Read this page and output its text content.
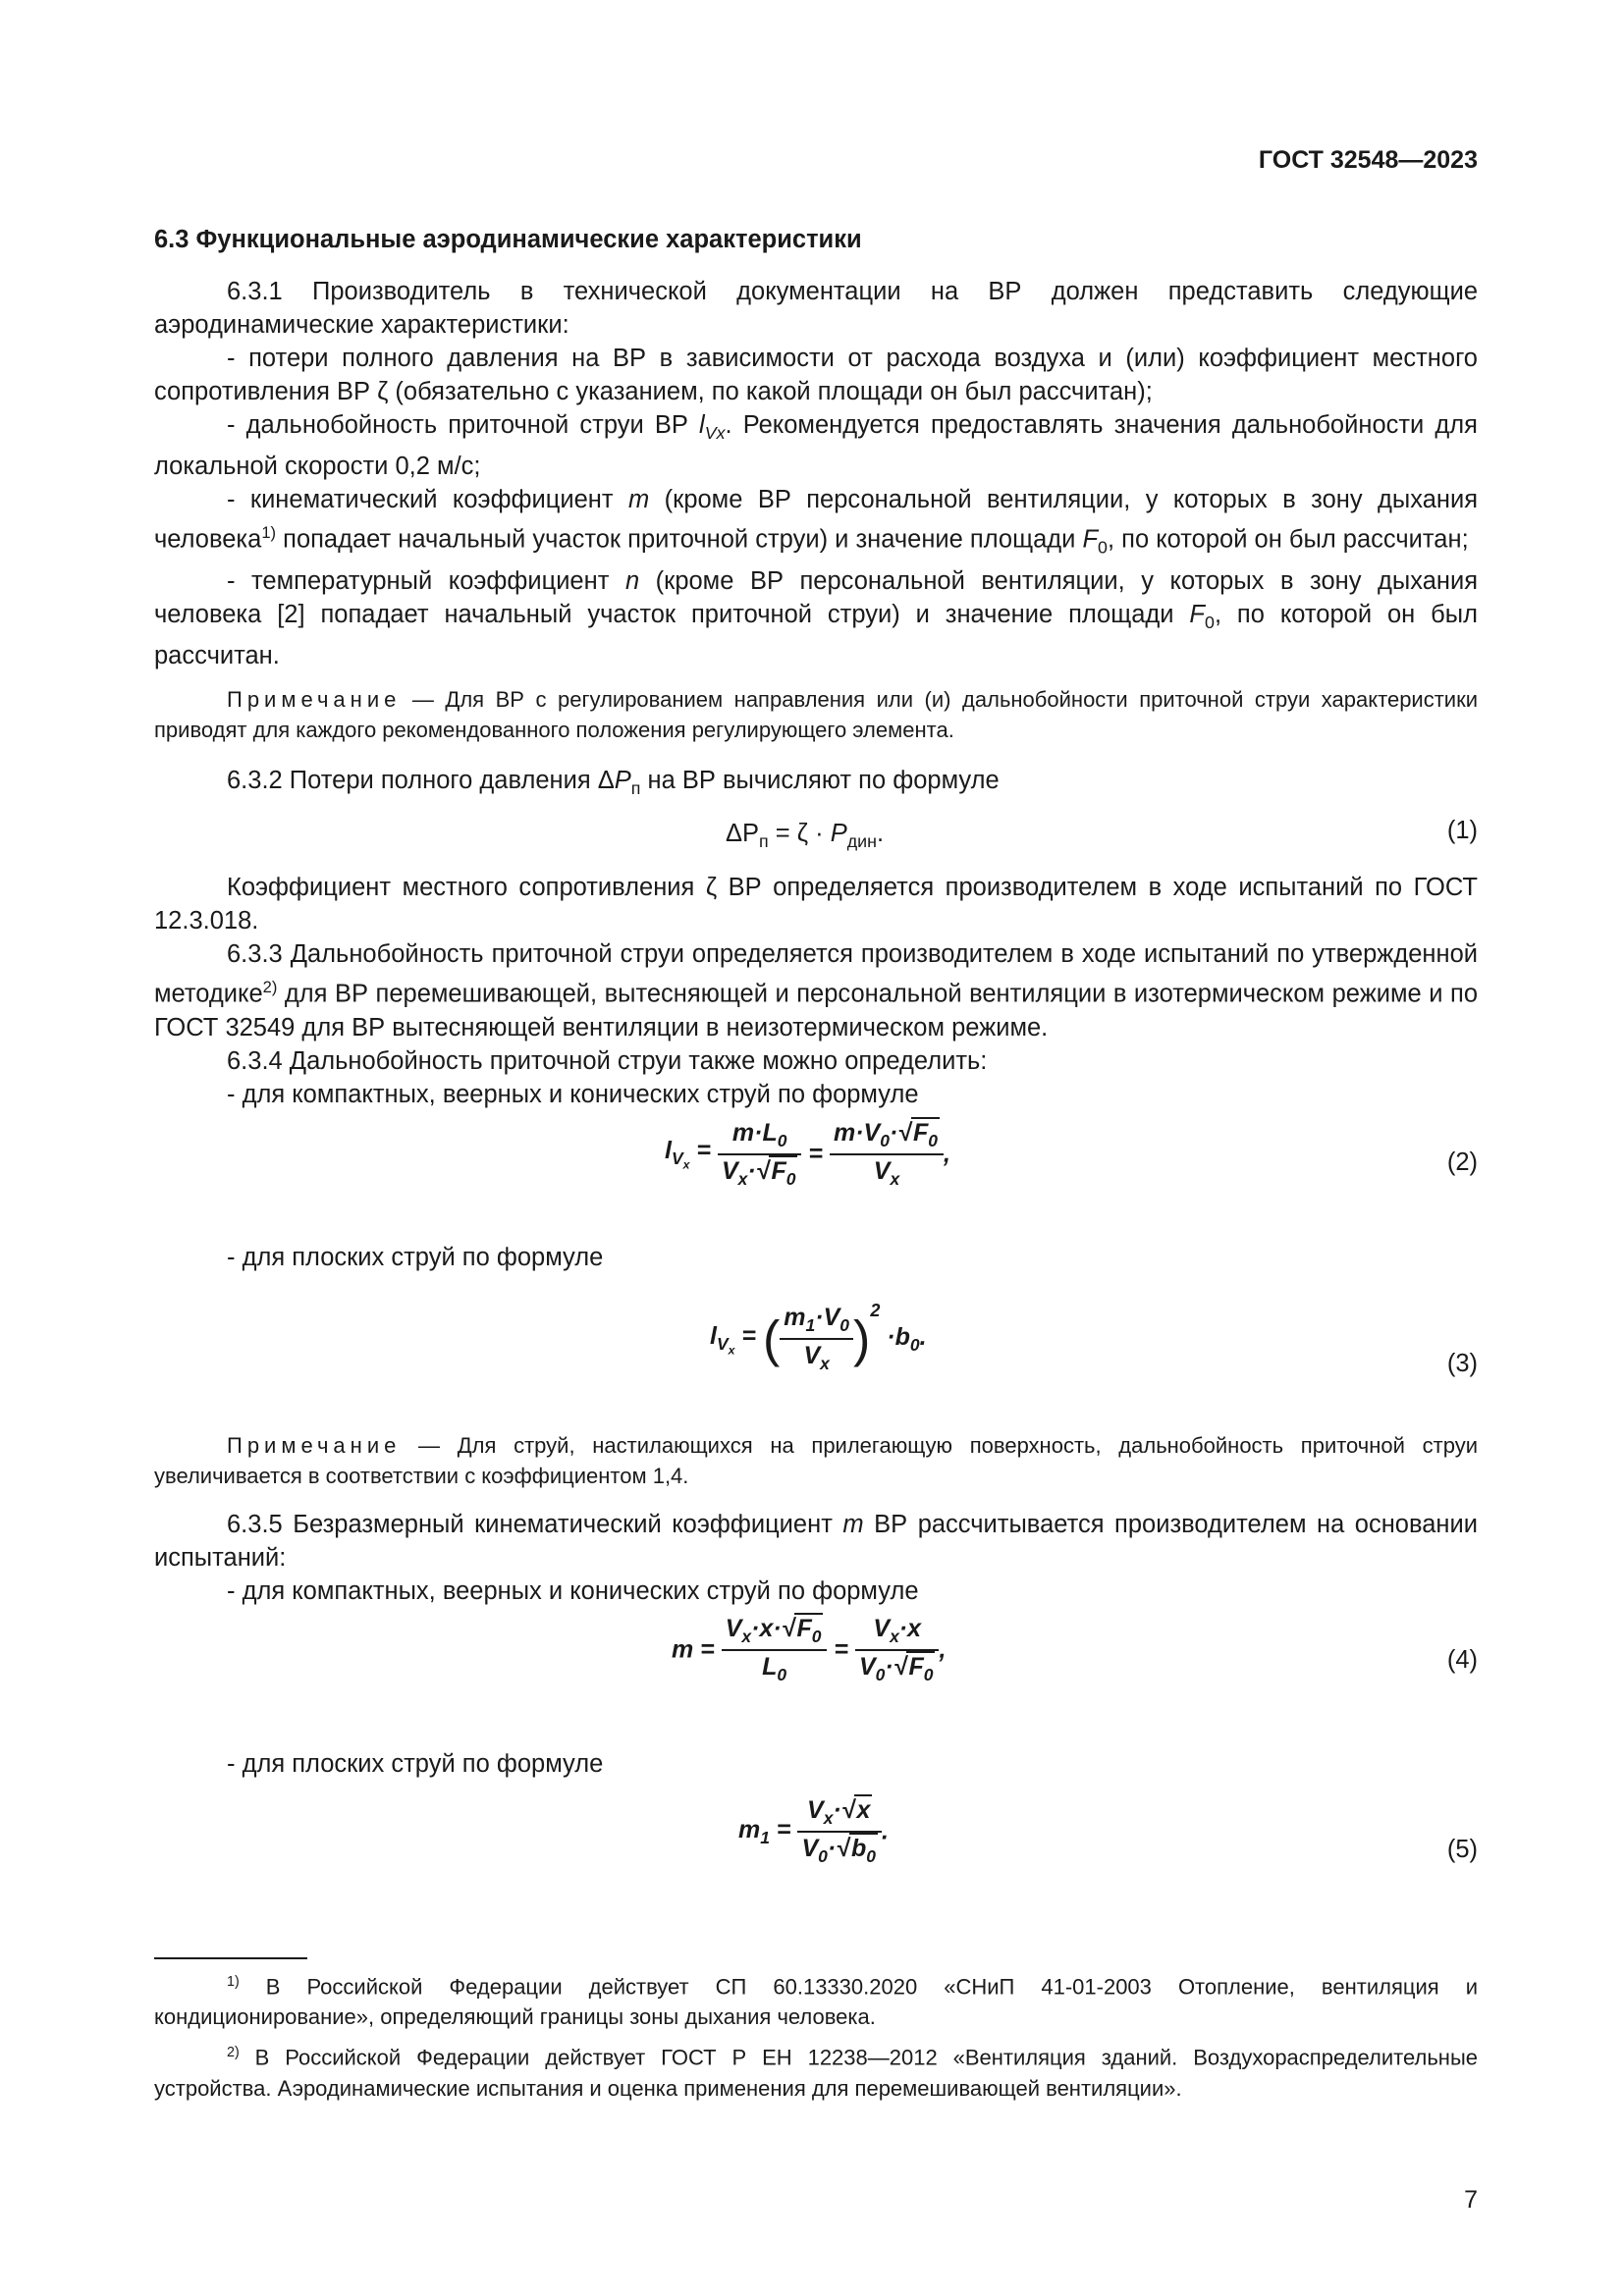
ГОСТ 32548—2023
6.3 Функциональные аэродинамические характеристики

6.3.1 Производитель в технической документации на ВР должен представить следующие аэродинамические характеристики:

- потери полного давления на ВР в зависимости от расхода воздуха и (или) коэффициент местного сопротивления ВР ζ (обязательно с указанием, по какой площади он был рассчитан);

- дальнобойность приточной струи ВР $l_{Vx}$. Рекомендуется предоставлять значения дальнобойности для локальной скорости 0,2 м/с;

- кинематический коэффициент m (кроме ВР персональной вентиляции, у которых в зону дыхания человека$^{1)}$ попадает начальный участок приточной струи) и значение площади $F_0$, по которой он был рассчитан;

- температурный коэффициент n (кроме ВР персональной вентиляции, у которых в зону дыхания человека [2] попадает начальный участок приточной струи) и значение площади $F_0$, по которой он был рассчитан.

Примечание — Для ВР с регулированием направления или (и) дальнобойности приточной струи характеристики приводят для каждого рекомендованного положения регулирующего элемента.

6.3.2 Потери полного давления $\Delta P_п$ на ВР вычисляют по формуле

$\Delta P_п = \zeta \cdot P_{дин}$.	(1)

Коэффициент местного сопротивления ζ ВР определяется производителем в ходе испытаний по ГОСТ 12.3.018.

6.3.3 Дальнобойность приточной струи определяется производителем в ходе испытаний по утвержденной методике$^{2)}$ для ВР перемешивающей, вытесняющей и персональной вентиляции в изотермическом режиме и по ГОСТ 32549 для ВР вытесняющей вентиляции в неизотермическом режиме.

6.3.4 Дальнобойность приточной струи также можно определить:

- для компактных, веерных и конических струй по формуле

$l_{V_x} = \frac{m\cdot L_0}{V_x\cdot√F_0} = \frac{m\cdot V_0\cdot√F_0}{V_x}$ ,	(2)

- для плоских струй по формуле

$l_{V_x}$ = ( $\frac{m_1\cdot V_0}{V_x} )^2 \cdot b_0$.
(3)

Примечание — Для струй, настилающихся на прилегающую поверхность, дальнобойность приточной струи увеличивается в соответствии с коэффициентом 1,4.

6.3.5 Безразмерный кинематический коэффициент m ВР рассчитывается производителем на основании испытаний:

- для компактных, веерных и конических струй по формуле

$m = \frac{V_x\cdot x\cdot√F_0}{L_0} = \frac{V_x\cdot x}{V_0\cdot√F_0}$ ,	(4)

- для плоских струй по формуле

$m_1 = \frac{V_x\cdot√x}{V_0\cdot√b_0}$ .
(5)

$^{1)}$ В Российской Федерации действует СП 60.13330.2020 «СНиП 41-01-2003 Отопление, вентиляция и кондиционирование», определяющий границы зоны дыхания человека.

$^{2)}$ В Российской Федерации действует ГОСТ Р ЕН 12238—2012 «Вентиляция зданий. Воздухораспределительные устройства. Аэродинамические испытания и оценка применения для перемешивающей вентиляции».

7
